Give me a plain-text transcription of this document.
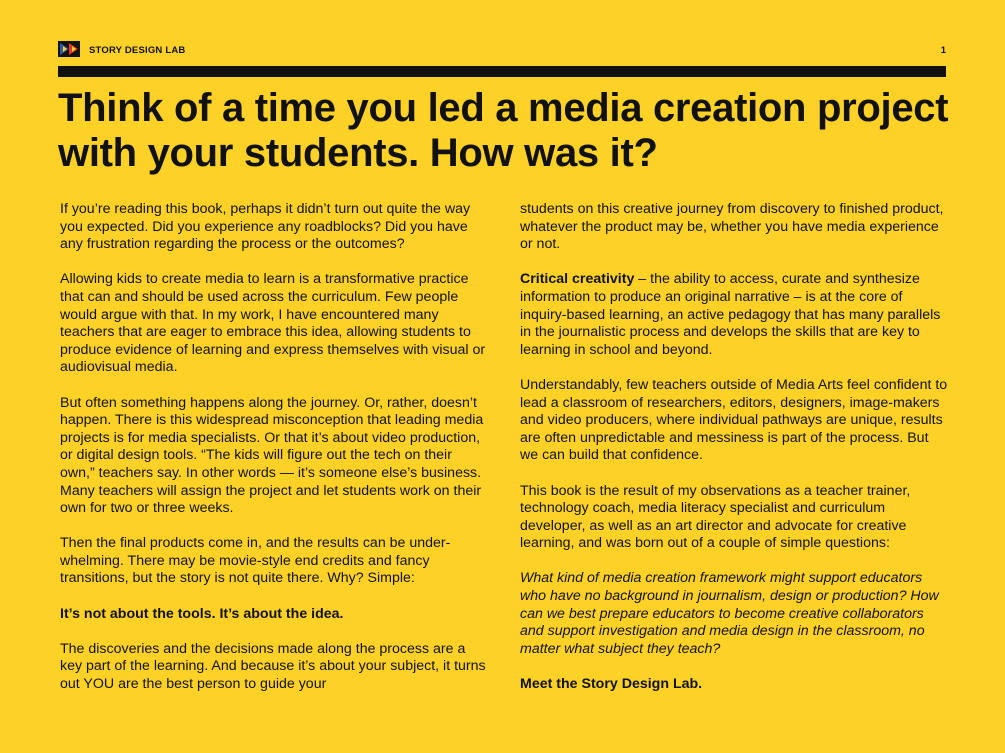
STORY DESIGN LAB	1
Think of a time you led a media creation project with your students. How was it?

If you’re reading this book, perhaps it didn’t turn out quite the way you expected. Did you experience any roadblocks? Did you have any frustration regarding the process or the outcomes?

Allowing kids to create media to learn is a transformative practice that can and should be used across the curriculum. Few people would argue with that. In my work, I have encountered many teachers that are eager to embrace this idea, allowing students to produce evidence of learning and express themselves with visual or audiovisual media.

But often something happens along the journey. Or, rather, doesn’t happen. There is this widespread misconception that leading media projects is for media specialists. Or that it’s about video production, or digital design tools. “The kids will figure out the tech on their own,” teachers say. In other words — it’s someone else’s business. Many teachers will assign the project and let students work on their own for two or three weeks.

Then the final products come in, and the results can be under-whelming. There may be movie-style end credits and fancy transitions, but the story is not quite there. Why? Simple:

It’s not about the tools. It’s about the idea.

The discoveries and the decisions made along the process are a key part of the learning. And because it’s about your subject, it turns out YOU are the best person to guide your

students on this creative journey from discovery to finished product, whatever the product may be, whether you have media experience or not.

Critical creativity – the ability to access, curate and synthesize information to produce an original narrative – is at the core of inquiry-based learning, an active pedagogy that has many parallels in the journalistic process and develops the skills that are key to learning in school and beyond.

Understandably, few teachers outside of Media Arts feel confident to lead a classroom of researchers, editors, designers, image-makers and video producers, where individual pathways are unique, results are often unpredictable and messiness is part of the process. But we can build that confidence.

This book is the result of my observations as a teacher trainer, technology coach, media literacy specialist and curriculum developer, as well as an art director and advocate for creative learning, and was born out of a couple of simple questions:

What kind of media creation framework might support educators who have no background in journalism, design or production? How can we best prepare educators to become creative collaborators and support investigation and media design in the classroom, no matter what subject they teach?

Meet the Story Design Lab.
